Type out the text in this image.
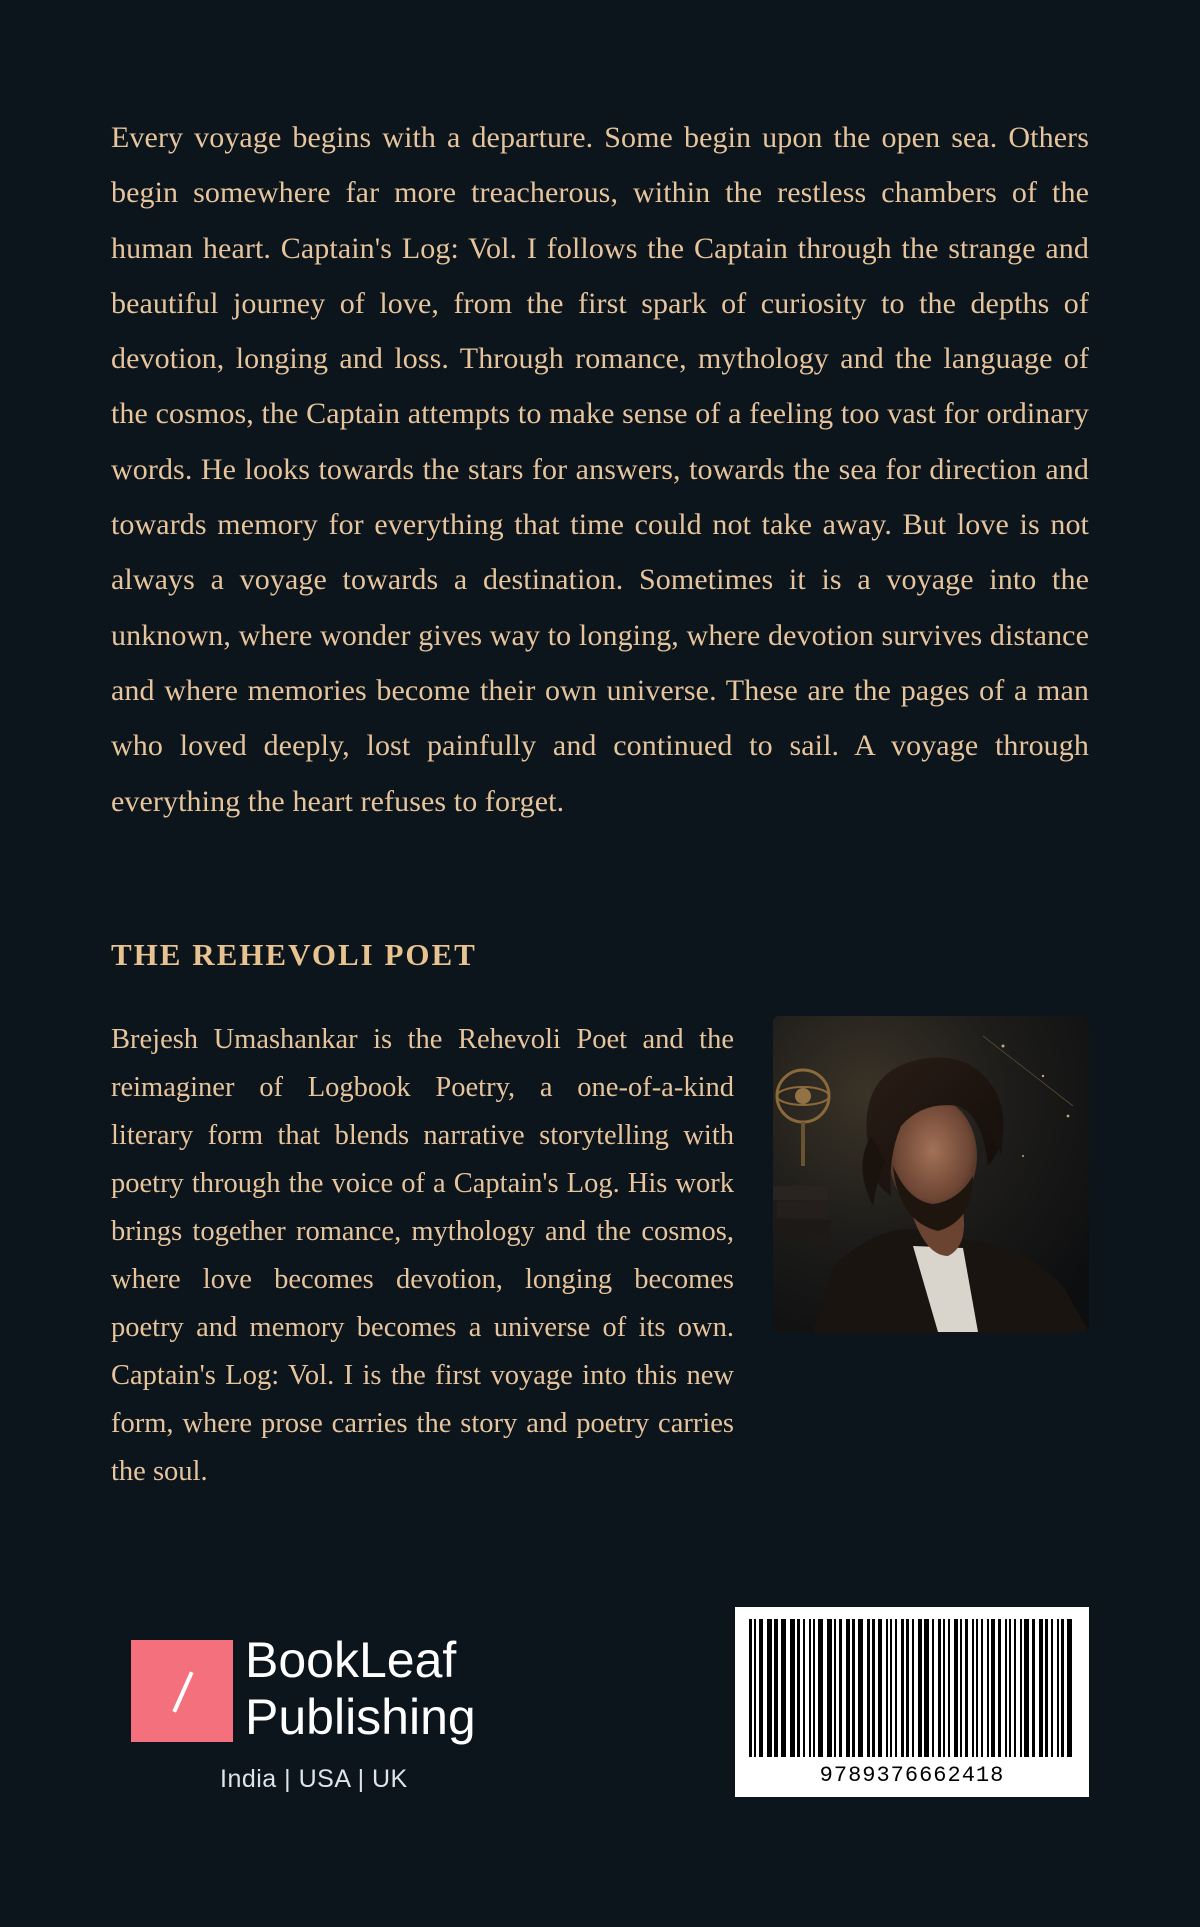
Every voyage begins with a departure. Some begin upon the open sea. Others begin somewhere far more treacherous, within the restless chambers of the human heart. Captain's Log: Vol. I follows the Captain through the strange and beautiful journey of love, from the first spark of curiosity to the depths of devotion, longing and loss. Through romance, mythology and the language of the cosmos, the Captain attempts to make sense of a feeling too vast for ordinary words. He looks towards the stars for answers, towards the sea for direction and towards memory for everything that time could not take away. But love is not always a voyage towards a destination. Sometimes it is a voyage into the unknown, where wonder gives way to longing, where devotion survives distance and where memories become their own universe. These are the pages of a man who loved deeply, lost painfully and continued to sail. A voyage through everything the heart refuses to forget.

THE REHEVOLI POET

Brejesh Umashankar is the Rehevoli Poet and the reimaginer of Logbook Poetry, a one-of-a-kind literary form that blends narrative storytelling with poetry through the voice of a Captain's Log. His work brings together romance, mythology and the cosmos, where love becomes devotion, longing becomes poetry and memory becomes a universe of its own. Captain's Log: Vol. I is the first voyage into this new form, where prose carries the story and poetry carries the soul.

BookLeaf
Publishing
India | USA | UK	9789376662418
